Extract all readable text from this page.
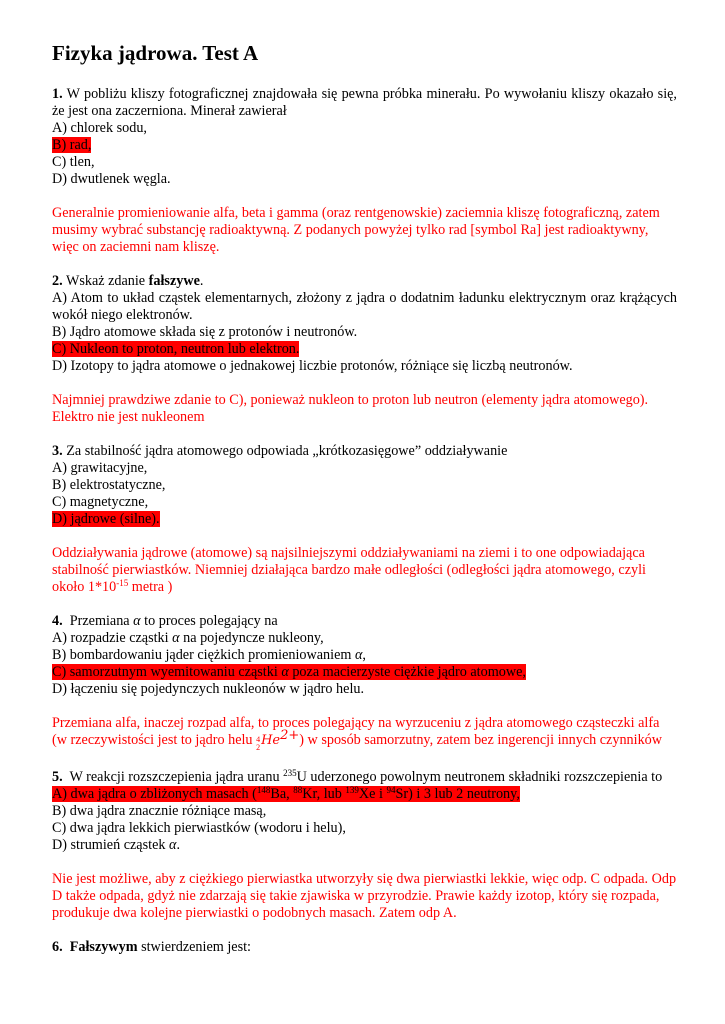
Fizyka jądrowa. Test A

1. W pobliżu kliszy fotograficznej znajdowała się pewna próbka minerału. Po wywołaniu kliszy okazało się, że jest ona zaczerniona. Minerał zawierał

A) chlorek sodu,

B) rad,

C) tlen,

D) dwutlenek węgla.

Generalnie promieniowanie alfa, beta i gamma (oraz rentgenowskie) zaciemnia kliszę fotograficzną, zatem musimy wybrać substancję radioaktywną. Z podanych powyżej tylko rad [symbol Ra] jest radioaktywny, więc on zaciemni nam kliszę.

2. Wskaż zdanie fałszywe.

A) Atom to układ cząstek elementarnych, złożony z jądra o dodatnim ładunku elektrycznym oraz krążących wokół niego elektronów.

B) Jądro atomowe składa się z protonów i neutronów.

C) Nukleon to proton, neutron lub elektron.

D) Izotopy to jądra atomowe o jednakowej liczbie protonów, różniące się liczbą neutronów.

Najmniej prawdziwe zdanie to C), ponieważ nukleon to proton lub neutron (elementy jądra atomowego). Elektro nie jest nukleonem

3. Za stabilność jądra atomowego odpowiada „krótkozasięgowe” oddziaływanie

A) grawitacyjne,

B) elektrostatyczne,

C) magnetyczne,

D) jądrowe (silne).

Oddziaływania jądrowe (atomowe) są najsilniejszymi oddziaływaniami na ziemi i to one odpowiadająca stabilność pierwiastków. Niemniej działająca bardzo małe odległości (odległości jądra atomowego, czyli około $1*10^{-15}$ metra )

4. Przemiana α to proces polegający na

A) rozpadzie cząstki α na pojedyncze nukleony,

B) bombardowaniu jąder ciężkich promieniowaniem α,

C) samorzutnym wyemitowaniu cząstki α poza macierzyste ciężkie jądro atomowe,

D) łączeniu się pojedynczych nukleonów w jądro helu.

Przemiana alfa, inaczej rozpad alfa, to proces polegający na wyrzuceniu z jądra atomowego cząsteczki alfa (w rzeczywistości jest to jądro helu 4
2 $He^{2+}$) w sposób samorzutny, zatem bez ingerencji innych czynników

5. W reakcji rozszczepienia jądra uranu $^{235}$U uderzonego powolnym neutronem składniki rozszczepienia to

A) dwa jądra o zbliżonych masach ($^{148}$Ba, $^{88}$Kr, lub $^{139}$Xe i $^{94}$Sr) i 3 lub 2 neutrony,

B) dwa jądra znacznie różniące masą,

C) dwa jądra lekkich pierwiastków (wodoru i helu),

D) strumień cząstek α.

Nie jest możliwe, aby z ciężkiego pierwiastka utworzyły się dwa pierwiastki lekkie, więc odp. C odpada. Odp D także odpada, gdyż nie zdarzają się takie zjawiska w przyrodzie. Prawie każdy izotop, który się rozpada, produkuje dwa kolejne pierwiastki o podobnych masach. Zatem odp A.

6. Fałszywym stwierdzeniem jest:
